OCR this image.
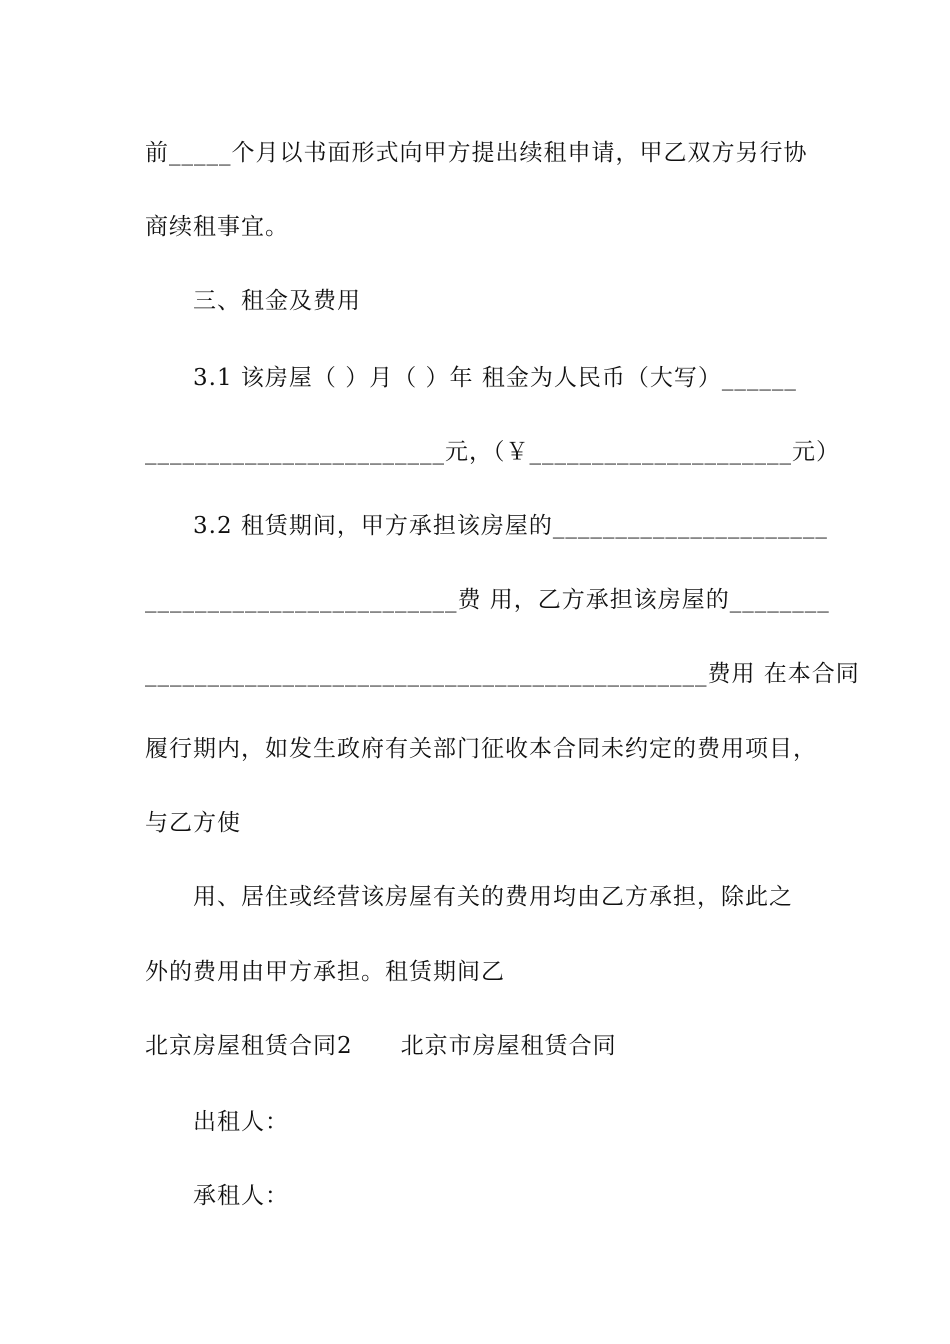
前_____个月以书面形式向甲方提出续租申请，甲乙双方另行协
商续租事宜。
三、租金及费用
3.1 该房屋（ ）月（ ）年 租金为人民币（大写）______
________________________元，（￥_____________________元）
3.2 租赁期间，甲方承担该房屋的______________________
_________________________费 用，乙方承担该房屋的________
_____________________________________________费用 在本合同
履行期内，如发生政府有关部门征收本合同未约定的费用项目，
与乙方使
用、居住或经营该房屋有关的费用均由乙方承担，除此之
外的费用由甲方承担。租赁期间乙
北京房屋租赁合同2　　北京市房屋租赁合同
出租人：
承租人：
